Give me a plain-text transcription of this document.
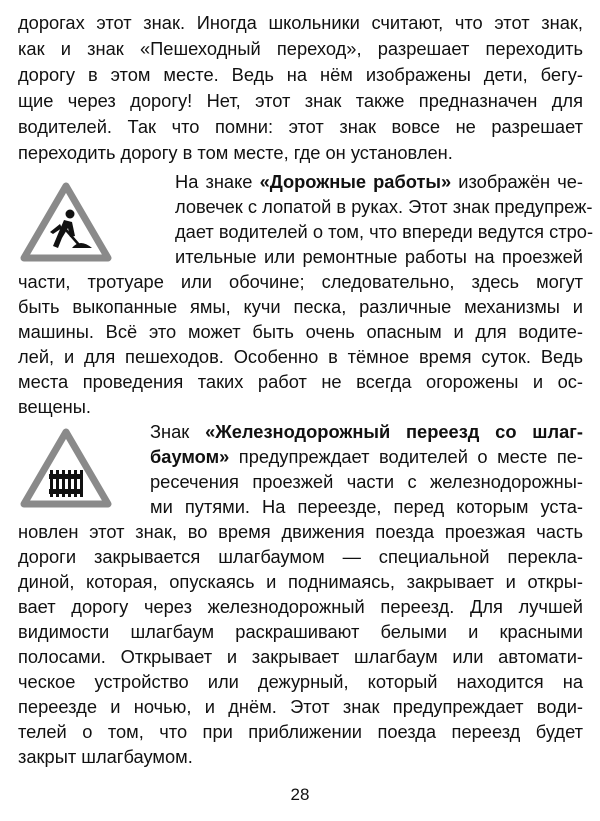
дорогах этот знак. Иногда школьники считают, что этот знак,
как и знак «Пешеходный переход», разрешает переходить
дорогу в этом месте. Ведь на нём изображены дети, бегу-
щие через дорогу! Нет, этот знак также предназначен для
водителей. Так что помни: этот знак вовсе не разрешает
переходить дорогу в том месте, где он установлен.
На знаке «Дорожные работы» изображён че-
ловечек с лопатой в руках. Этот знак предупреж-
дает водителей о том, что впереди ведутся стро-
ительные или ремонтные работы на проезжей
части, тротуаре или обочине; следовательно, здесь могут
быть выкопанные ямы, кучи песка, различные механизмы и
машины. Всё это может быть очень опасным и для водите-
лей, и для пешеходов. Особенно в тёмное время суток. Ведь
места проведения таких работ не всегда огорожены и ос-
вещены.
Знак «Железнодорожный переезд со шлаг-
баумом» предупреждает водителей о месте пе-
ресечения проезжей части с железнодорожны-
ми путями. На переезде, перед которым уста-
новлен этот знак, во время движения поезда проезжая часть
дороги закрывается шлагбаумом — специальной перекла-
диной, которая, опускаясь и поднимаясь, закрывает и откры-
вает дорогу через железнодорожный переезд. Для лучшей
видимости шлагбаум раскрашивают белыми и красными
полосами. Открывает и закрывает шлагбаум или автомати-
ческое устройство или дежурный, который находится на
переезде и ночью, и днём. Этот знак предупреждает води-
телей о том, что при приближении поезда переезд будет
закрыт шлагбаумом.
28
